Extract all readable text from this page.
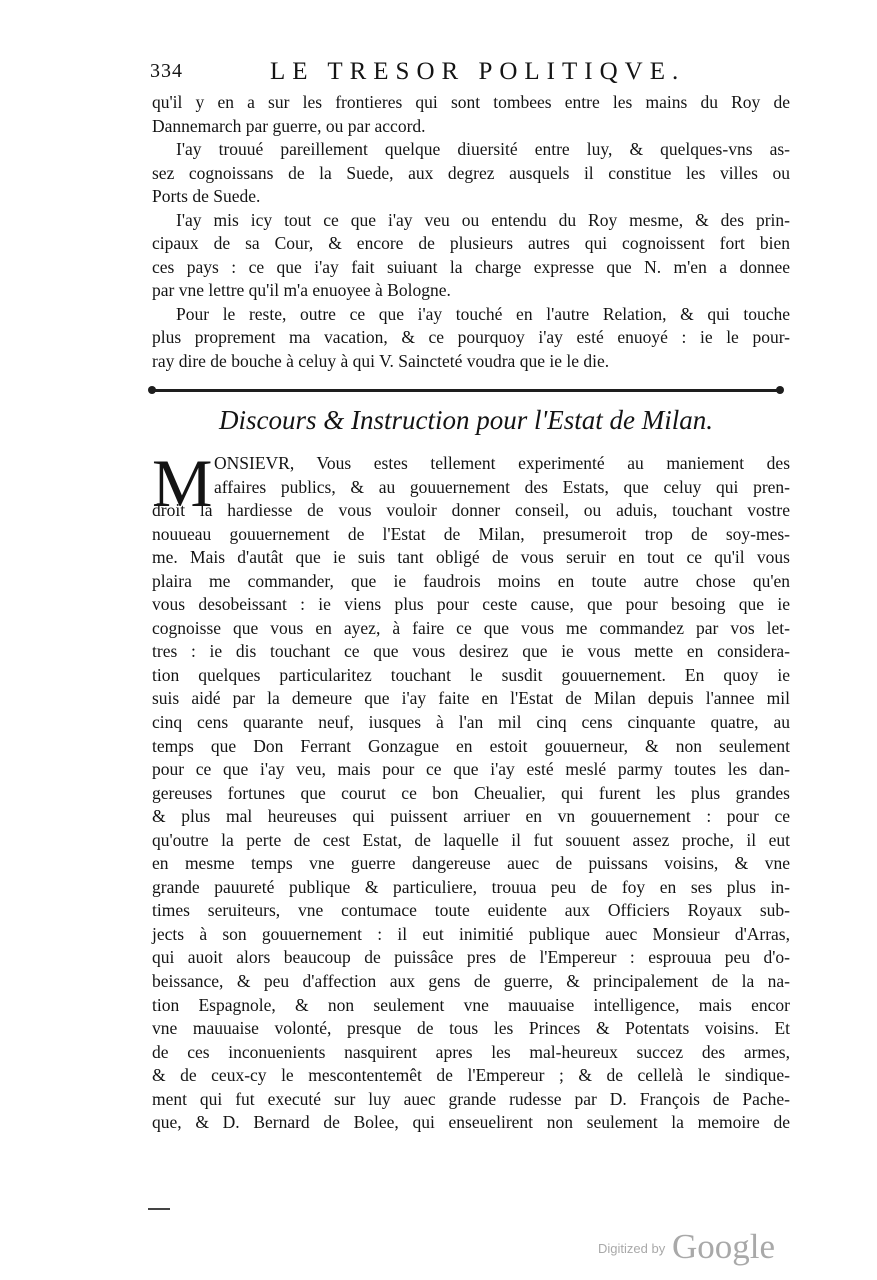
334	LE TRESOR POLITIQVE.
qu'il y en a sur les frontieres qui sont tombees entre les mains du Roy de
Dannemarch par guerre, ou par accord.
I'ay trouué pareillement quelque diuersité entre luy, & quelques-vns as-
sez cognoissans de la Suede, aux degrez ausquels il constitue les villes ou
Ports de Suede.
I'ay mis icy tout ce que i'ay veu ou entendu du Roy mesme, & des prin-
cipaux de sa Cour, & encore de plusieurs autres qui cognoissent fort bien
ces pays : ce que i'ay fait suiuant la charge expresse que N. m'en a donnee
par vne lettre qu'il m'a enuoyee à Bologne.
Pour le reste, outre ce que i'ay touché en l'autre Relation, & qui touche
plus proprement ma vacation, & ce pourquoy i'ay esté enuoyé : ie le pour-
ray dire de bouche à celuy à qui V. Saincteté voudra que ie le die.
Discours & Instruction pour l'Estat de Milan.
M ONSIEVR, Vous estes tellement experimenté au maniement des
affaires publics, & au gouuernement des Estats, que celuy qui pren-
droit la hardiesse de vous vouloir donner conseil, ou aduis, touchant vostre
nouueau gouuernement de l'Estat de Milan, presumeroit trop de soy-mes-
me. Mais d'autât que ie suis tant obligé de vous seruir en tout ce qu'il vous
plaira me commander, que ie faudrois moins en toute autre chose qu'en
vous desobeissant : ie viens plus pour ceste cause, que pour besoing que ie
cognoisse que vous en ayez, à faire ce que vous me commandez par vos let-
tres : ie dis touchant ce que vous desirez que ie vous mette en considera-
tion quelques particularitez touchant le susdit gouuernement. En quoy ie
suis aidé par la demeure que i'ay faite en l'Estat de Milan depuis l'annee mil
cinq cens quarante neuf, iusques à l'an mil cinq cens cinquante quatre, au
temps que Don Ferrant Gonzague en estoit gouuerneur, & non seulement
pour ce que i'ay veu, mais pour ce que i'ay esté meslé parmy toutes les dan-
gereuses fortunes que courut ce bon Cheualier, qui furent les plus grandes
& plus mal heureuses qui puissent arriuer en vn gouuernement : pour ce
qu'outre la perte de cest Estat, de laquelle il fut souuent assez proche, il eut
en mesme temps vne guerre dangereuse auec de puissans voisins, & vne
grande pauureté publique & particuliere, trouua peu de foy en ses plus in-
times seruiteurs, vne contumace toute euidente aux Officiers Royaux sub-
jects à son gouuernement : il eut inimitié publique auec Monsieur d'Arras,
qui auoit alors beaucoup de puissâce pres de l'Empereur : esprouua peu d'o-
beissance, & peu d'affection aux gens de guerre, & principalement de la na-
tion Espagnole, & non seulement vne mauuaise intelligence, mais encor
vne mauuaise volonté, presque de tous les Princes & Potentats voisins. Et
de ces inconuenients nasquirent apres les mal-heureux succez des armes,
& de ceux-cy le mescontentemêt de l'Empereur ; & de cellelà le sindique-
ment qui fut executé sur luy auec grande rudesse par D. François de Pache-
que, & D. Bernard de Bolee, qui enseuelirent non seulement la memoire de
Digitized by Google
